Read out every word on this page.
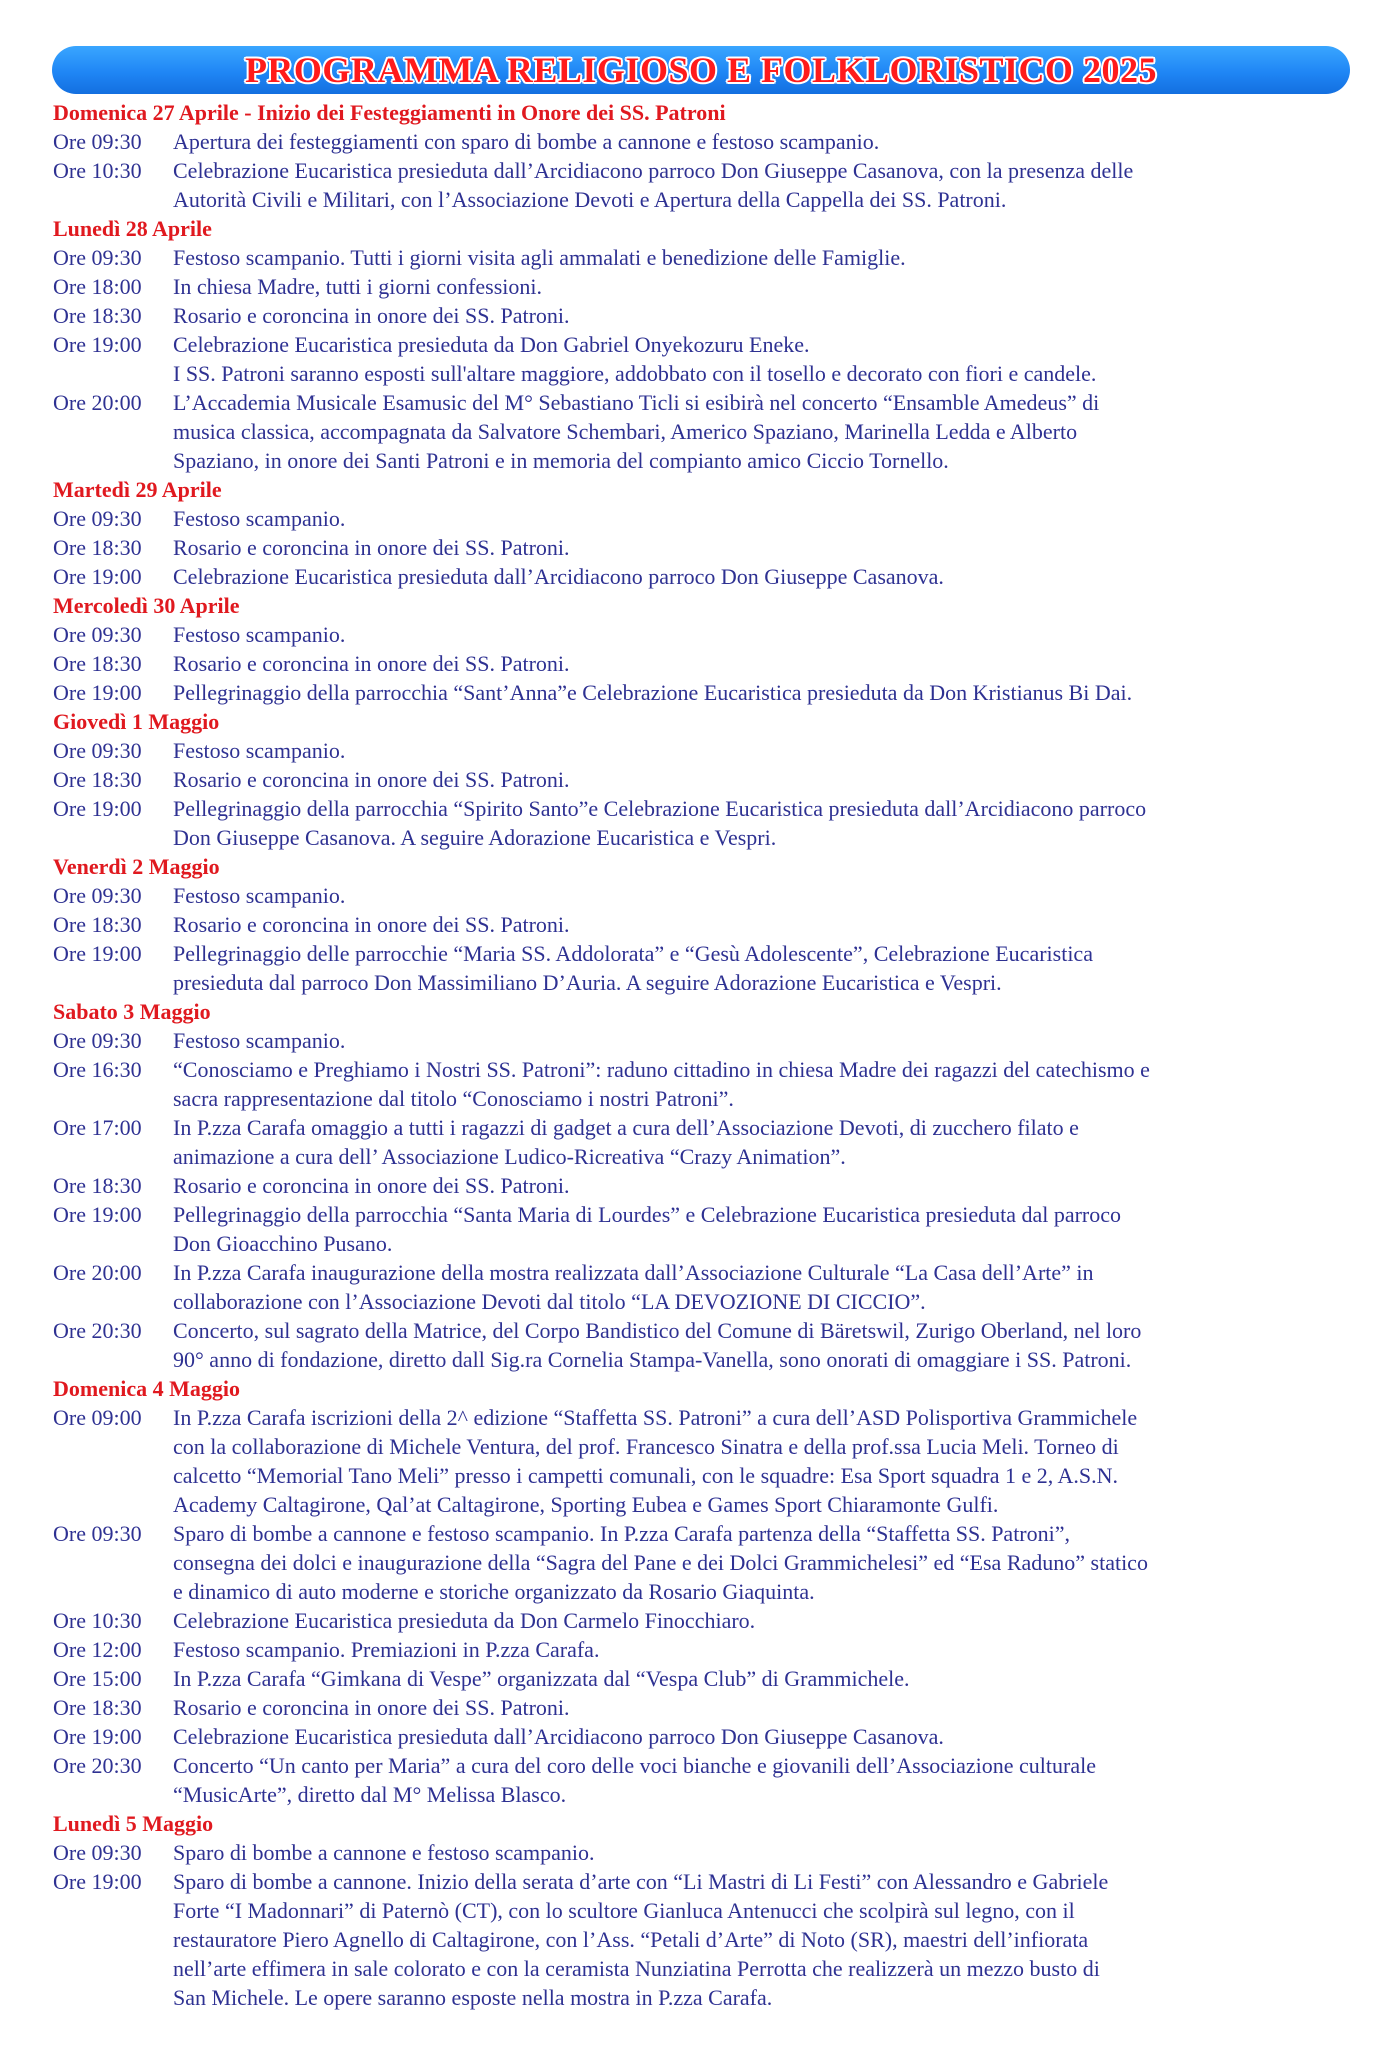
PROGRAMMA RELIGIOSO E FOLKLORISTICO 2025
Domenica 27 Aprile - Inizio dei Festeggiamenti in Onore dei SS. Patroni
Ore 09:30	Apertura dei festeggiamenti con sparo di bombe a cannone e festoso scampanio.
Ore 10:30	Celebrazione Eucaristica presieduta dall’Arcidiacono parroco Don Giuseppe Casanova, con la presenza delle
Autorità Civili e Militari, con l’Associazione Devoti e Apertura della Cappella dei SS. Patroni.
Lunedì 28 Aprile
Ore 09:30	Festoso scampanio. Tutti i giorni visita agli ammalati e benedizione delle Famiglie.
Ore 18:00	In chiesa Madre, tutti i giorni confessioni.
Ore 18:30	Rosario e coroncina in onore dei SS. Patroni.
Ore 19:00	Celebrazione Eucaristica presieduta da Don Gabriel Onyekozuru Eneke.
I SS. Patroni saranno esposti sull'altare maggiore, addobbato con il tosello e decorato con fiori e candele.
Ore 20:00	L’Accademia Musicale Esamusic del M° Sebastiano Ticli si esibirà nel concerto “Ensamble Amedeus” di
musica classica, accompagnata da Salvatore Schembari, Americo Spaziano, Marinella Ledda e Alberto
Spaziano, in onore dei Santi Patroni e in memoria del compianto amico Ciccio Tornello.
Martedì 29 Aprile
Ore 09:30	Festoso scampanio.
Ore 18:30	Rosario e coroncina in onore dei SS. Patroni.
Ore 19:00	Celebrazione Eucaristica presieduta dall’Arcidiacono parroco Don Giuseppe Casanova.
Mercoledì 30 Aprile
Ore 09:30	Festoso scampanio.
Ore 18:30	Rosario e coroncina in onore dei SS. Patroni.
Ore 19:00	Pellegrinaggio della parrocchia “Sant’Anna”e Celebrazione Eucaristica presieduta da Don Kristianus Bi Dai.
Giovedì 1 Maggio
Ore 09:30	Festoso scampanio.
Ore 18:30	Rosario e coroncina in onore dei SS. Patroni.
Ore 19:00	Pellegrinaggio della parrocchia “Spirito Santo”e Celebrazione Eucaristica presieduta dall’Arcidiacono parroco
Don Giuseppe Casanova. A seguire Adorazione Eucaristica e Vespri.
Venerdì 2 Maggio
Ore 09:30	Festoso scampanio.
Ore 18:30	Rosario e coroncina in onore dei SS. Patroni.
Ore 19:00	Pellegrinaggio delle parrocchie “Maria SS. Addolorata” e “Gesù Adolescente”, Celebrazione Eucaristica
presieduta dal parroco Don Massimiliano D’Auria. A seguire Adorazione Eucaristica e Vespri.
Sabato 3 Maggio
Ore 09:30	Festoso scampanio.
Ore 16:30	“Conosciamo e Preghiamo i Nostri SS. Patroni”: raduno cittadino in chiesa Madre dei ragazzi del catechismo e
sacra rappresentazione dal titolo “Conosciamo i nostri Patroni”.
Ore 17:00	In P.zza Carafa omaggio a tutti i ragazzi di gadget a cura dell’Associazione Devoti, di zucchero filato e
animazione a cura dell’ Associazione Ludico-Ricreativa “Crazy Animation”.
Ore 18:30	Rosario e coroncina in onore dei SS. Patroni.
Ore 19:00	Pellegrinaggio della parrocchia “Santa Maria di Lourdes” e Celebrazione Eucaristica presieduta dal parroco
Don Gioacchino Pusano.
Ore 20:00	In P.zza Carafa inaugurazione della mostra realizzata dall’Associazione Culturale “La Casa dell’Arte” in
collaborazione con l’Associazione Devoti dal titolo “LA DEVOZIONE DI CICCIO”.
Ore 20:30	Concerto, sul sagrato della Matrice, del Corpo Bandistico del Comune di Bäretswil, Zurigo Oberland, nel loro
90° anno di fondazione, diretto dall Sig.ra Cornelia Stampa-Vanella, sono onorati di omaggiare i SS. Patroni.
Domenica 4 Maggio
Ore 09:00	In P.zza Carafa iscrizioni della 2^ edizione “Staffetta SS. Patroni” a cura dell’ASD Polisportiva Grammichele
con la collaborazione di Michele Ventura, del prof. Francesco Sinatra e della prof.ssa Lucia Meli. Torneo di
calcetto “Memorial Tano Meli” presso i campetti comunali, con le squadre: Esa Sport squadra 1 e 2, A.S.N.
Academy Caltagirone, Qal’at Caltagirone, Sporting Eubea e Games Sport Chiaramonte Gulfi.
Ore 09:30	Sparo di bombe a cannone e festoso scampanio. In P.zza Carafa partenza della “Staffetta SS. Patroni”,
consegna dei dolci e inaugurazione della “Sagra del Pane e dei Dolci Grammichelesi” ed “Esa Raduno” statico
e dinamico di auto moderne e storiche organizzato da Rosario Giaquinta.
Ore 10:30	Celebrazione Eucaristica presieduta da Don Carmelo Finocchiaro.
Ore 12:00	Festoso scampanio. Premiazioni in P.zza Carafa.
Ore 15:00	In P.zza Carafa “Gimkana di Vespe” organizzata dal “Vespa Club” di Grammichele.
Ore 18:30	Rosario e coroncina in onore dei SS. Patroni.
Ore 19:00	Celebrazione Eucaristica presieduta dall’Arcidiacono parroco Don Giuseppe Casanova.
Ore 20:30	Concerto “Un canto per Maria” a cura del coro delle voci bianche e giovanili dell’Associazione culturale
“MusicArte”, diretto dal M° Melissa Blasco.
Lunedì 5 Maggio
Ore 09:30	Sparo di bombe a cannone e festoso scampanio.
Ore 19:00	Sparo di bombe a cannone. Inizio della serata d’arte con “Li Mastri di Li Festi” con Alessandro e Gabriele
Forte “I Madonnari” di Paternò (CT), con lo scultore Gianluca Antenucci che scolpirà sul legno, con il
restauratore Piero Agnello di Caltagirone, con l’Ass. “Petali d’Arte” di Noto (SR), maestri dell’infiorata
nell’arte effimera in sale colorato e con la ceramista Nunziatina Perrotta che realizzerà un mezzo busto di
San Michele. Le opere saranno esposte nella mostra in P.zza Carafa.
